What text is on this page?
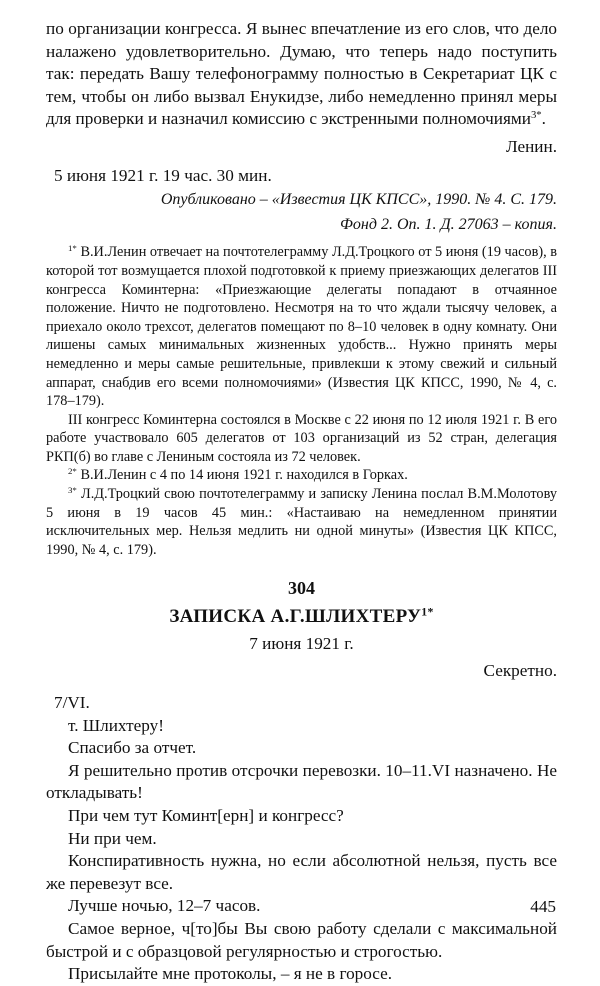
по организации конгресса. Я вынес впечатление из его слов, что дело налажено удовлетворительно. Думаю, что теперь надо поступить так: передать Вашу телефонограмму полностью в Секретариат ЦК с тем, чтобы он либо вызвал Енукидзе, либо немедленно принял меры для проверки и назначил комиссию с экстренными полномочиями$^{3*}$.

Ленин.

5 июня 1921 г. 19 час. 30 мин.

Опубликовано – «Известия ЦК КПСС», 1990. № 4. С. 179.

Фонд 2. Оп. 1. Д. 27063 – копия.

$^{1*}$ В.И.Ленин отвечает на почтотелеграмму Л.Д.Троцкого от 5 июня (19 часов), в которой тот возмущается плохой подготовкой к приему приезжающих делегатов III конгресса Коминтерна: «Приезжающие делегаты попадают в отчаянное положение. Ничто не подготовлено. Несмотря на то что ждали тысячу человек, а приехало около трехсот, делегатов помещают по 8–10 человек в одну комнату. Они лишены самых минимальных жизненных удобств... Нужно принять меры немедленно и меры самые решительные, привлекши к этому свежий и сильный аппарат, снабдив его всеми полномочиями» (Известия ЦК КПСС, 1990, № 4, с. 178–179).

III конгресс Коминтерна состоялся в Москве с 22 июня по 12 июля 1921 г. В его работе участвовало 605 делегатов от 103 организаций из 52 стран, делегация РКП(б) во главе с Лениным состояла из 72 человек.

$^{2*}$ В.И.Ленин с 4 по 14 июня 1921 г. находился в Горках.

$^{3*}$ Л.Д.Троцкий свою почтотелеграмму и записку Ленина послал В.М.Молотову 5 июня в 19 часов 45 мин.: «Настаиваю на немедленном принятии исключительных мер. Нельзя медлить ни одной минуты» (Известия ЦК КПСС, 1990, № 4, с. 179).

304

ЗАПИСКА $А.Г.ШЛИХТЕРУ^{1*}$

7 июня 1921 г.

Секретно.

7/VI.

т. Шлихтеру!

Спасибо за отчет.

Я решительно против отсрочки перевозки. 10–11.VI назначено. Не откладывать!

При чем тут Коминт[ерн] и конгресс?

Ни при чем.

Конспиративность нужна, но если абсолютной нельзя, пусть все же перевезут все.

Лучше ночью, 12–7 часов.

Самое верное, ч[то]бы Вы свою работу сделали с максимальной быстрой и с образцовой регулярностью и строгостью.

Присылайте мне протоколы, – я не в горосе.

445
